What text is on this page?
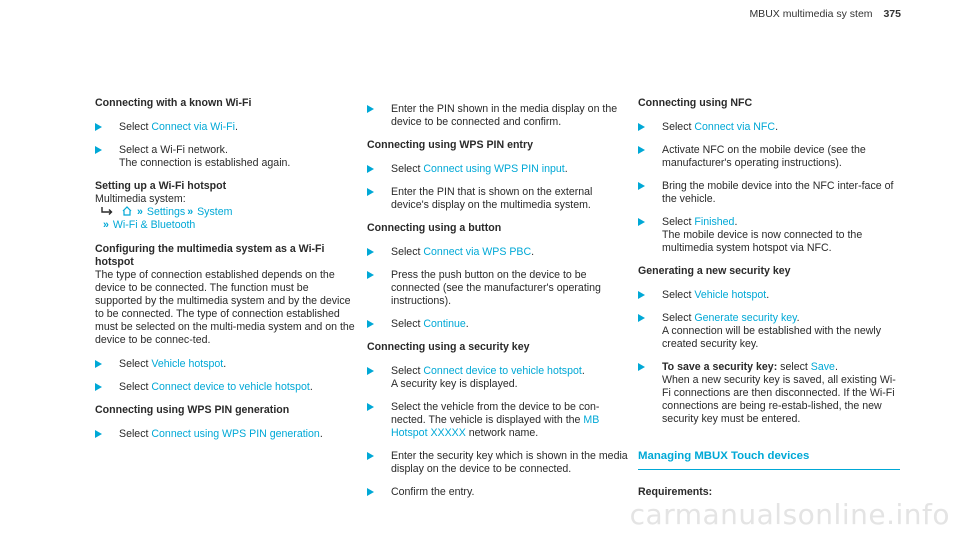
MBUX multimedia sy stem 375
Connecting with a known Wi-Fi
Select Connect via Wi-Fi.
Select a Wi-Fi network.
The connection is established again.
Setting up a Wi-Fi hotspot
Multimedia system:
» Settings » System
» Wi-Fi & Bluetooth
Configuring the multimedia system as a Wi-Fi hotspot
The type of connection established depends on the device to be connected. The function must be supported by the multimedia system and by the device to be connected. The type of connection established must be selected on the multi-media system and on the device to be connec-ted.
Select Vehicle hotspot.
Select Connect device to vehicle hotspot.
Connecting using WPS PIN generation
Select Connect using WPS PIN generation.
Enter the PIN shown in the media display on the device to be connected and confirm.
Connecting using WPS PIN entry
Select Connect using WPS PIN input.
Enter the PIN that is shown on the external device's display on the multimedia system.
Connecting using a button
Select Connect via WPS PBC.
Press the push button on the device to be connected (see the manufacturer's operating instructions).
Select Continue.
Connecting using a security key
Select Connect device to vehicle hotspot.
A security key is displayed.
Select the vehicle from the device to be con-nected. The vehicle is displayed with the MB Hotspot XXXXX network name.
Enter the security key which is shown in the media display on the device to be connected.
Confirm the entry.
Connecting using NFC
Select Connect via NFC.
Activate NFC on the mobile device (see the manufacturer's operating instructions).
Bring the mobile device into the NFC inter-face of the vehicle.
Select Finished.
The mobile device is now connected to the multimedia system hotspot via NFC.
Generating a new security key
Select Vehicle hotspot.
Select Generate security key.
A connection will be established with the newly created security key.
To save a security key: select Save.
When a new security key is saved, all existing Wi-Fi connections are then disconnected. If the Wi-Fi connections are being re-estab-lished, the new security key must be entered.
Managing MBUX Touch devices
Requirements:
carmanualsonline.info
